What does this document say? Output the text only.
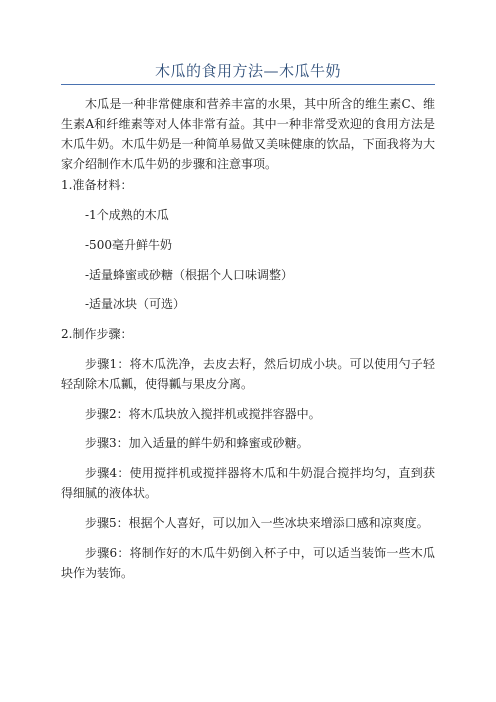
木瓜的食用方法—木瓜牛奶

木瓜是一种非常健康和营养丰富的水果，其中所含的维生素C、维生素A和纤维素等对人体非常有益。其中一种非常受欢迎的食用方法是木瓜牛奶。木瓜牛奶是一种简单易做又美味健康的饮品，下面我将为大家介绍制作木瓜牛奶的步骤和注意事项。

1.准备材料：
-1个成熟的木瓜
-500毫升鲜牛奶
-适量蜂蜜或砂糖（根据个人口味调整）
-适量冰块（可选）
2.制作步骤：

步骤1：将木瓜洗净，去皮去籽，然后切成小块。可以使用勺子轻轻刮除木瓜瓤，使得瓤与果皮分离。

步骤2：将木瓜块放入搅拌机或搅拌容器中。

步骤3：加入适量的鲜牛奶和蜂蜜或砂糖。

步骤4：使用搅拌机或搅拌器将木瓜和牛奶混合搅拌均匀，直到获得细腻的液体状。

步骤5：根据个人喜好，可以加入一些冰块来增添口感和凉爽度。

步骤6：将制作好的木瓜牛奶倒入杯子中，可以适当装饰一些木瓜块作为装饰。
